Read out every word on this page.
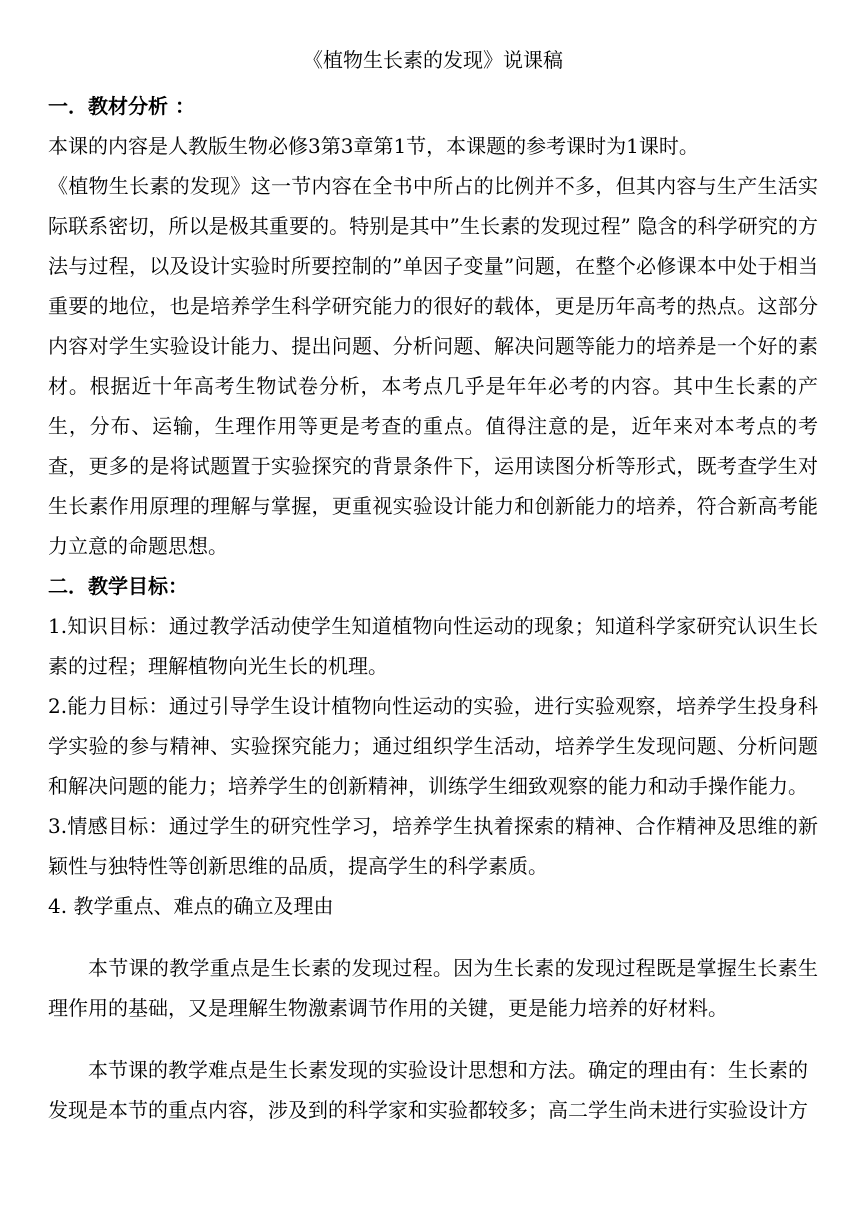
《植物生长素的发现》说课稿

一．教材分析 ：

本课的内容是人教版生物必修3第3章第1节，本课题的参考课时为1课时。

《植物生长素的发现》这一节内容在全书中所占的比例并不多，但其内容与生产生活实际联系密切，所以是极其重要的。特别是其中”生长素的发现过程” 隐含的科学研究的方法与过程，以及设计实验时所要控制的”单因子变量”问题，在整个必修课本中处于相当重要的地位，也是培养学生科学研究能力的很好的载体，更是历年高考的热点。这部分内容对学生实验设计能力、提出问题、分析问题、解决问题等能力的培养是一个好的素材。根据近十年高考生物试卷分析，本考点几乎是年年必考的内容。其中生长素的产生，分布、运输，生理作用等更是考查的重点。值得注意的是，近年来对本考点的考查，更多的是将试题置于实验探究的背景条件下，运用读图分析等形式，既考查学生对生长素作用原理的理解与掌握，更重视实验设计能力和创新能力的培养，符合新高考能力立意的命题思想。

二．教学目标：

1.知识目标：通过教学活动使学生知道植物向性运动的现象；知道科学家研究认识生长素的过程；理解植物向光生长的机理。

2.能力目标：通过引导学生设计植物向性运动的实验，进行实验观察，培养学生投身科学实验的参与精神、实验探究能力；通过组织学生活动，培养学生发现问题、分析问题和解决问题的能力；培养学生的创新精神，训练学生细致观察的能力和动手操作能力。

3.情感目标：通过学生的研究性学习，培养学生执着探索的精神、合作精神及思维的新颖性与独特性等创新思维的品质，提高学生的科学素质。

4. 教学重点、难点的确立及理由

本节课的教学重点是生长素的发现过程。因为生长素的发现过程既是掌握生长素生理作用的基础，又是理解生物激素调节作用的关键，更是能力培养的好材料。

本节课的教学难点是生长素发现的实验设计思想和方法。确定的理由有：生长素的

发现是本节的重点内容，涉及到的科学家和实验都较多；高二学生尚未进行实验设计方
